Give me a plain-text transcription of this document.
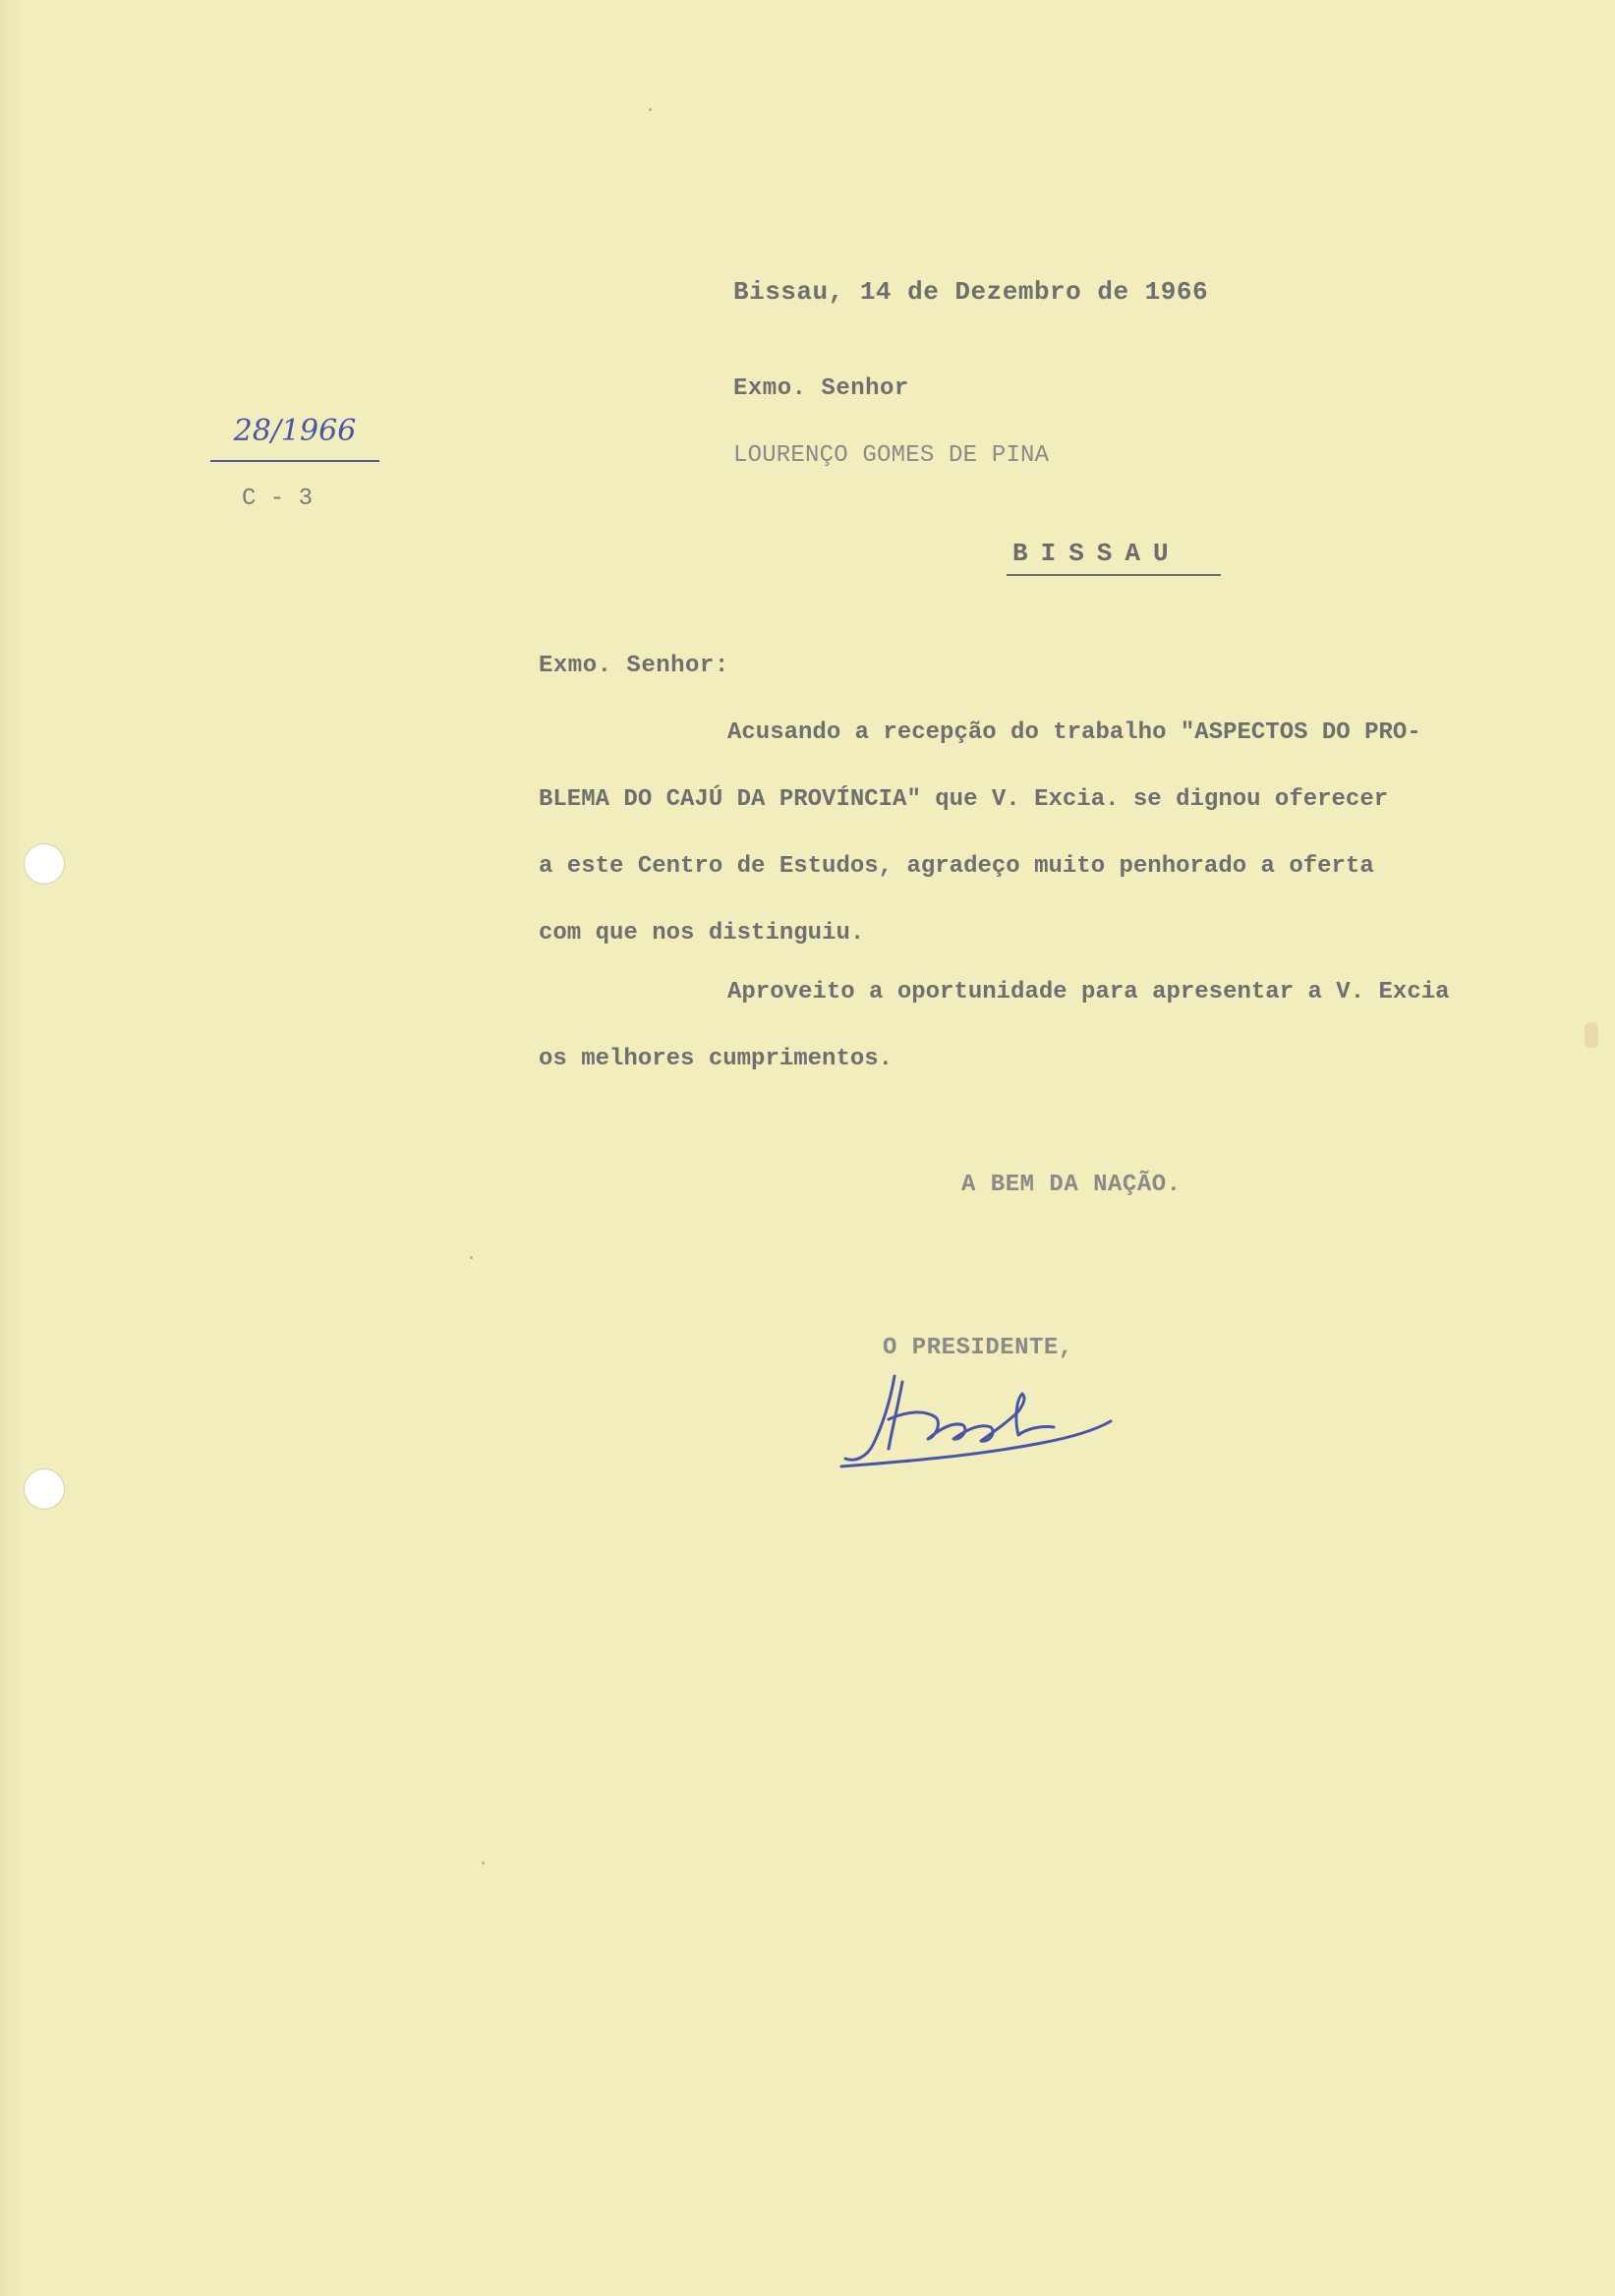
Bissau, 14 de Dezembro de 1966
Exmo. Senhor
LOURENÇO GOMES DE PINA
BISSAU
28/1966
C - 3
Exmo. Senhor:
Acusando a recepção do trabalho "ASPECTOS DO PRO-
BLEMA DO CAJÚ DA PROVÍNCIA" que V. Excia. se dignou oferecer
a este Centro de Estudos, agradeço muito penhorado a oferta
com que nos distinguiu.
Aproveito a oportunidade para apresentar a V. Excia
os melhores cumprimentos.
A BEM DA NAÇÃO.
O PRESIDENTE,
